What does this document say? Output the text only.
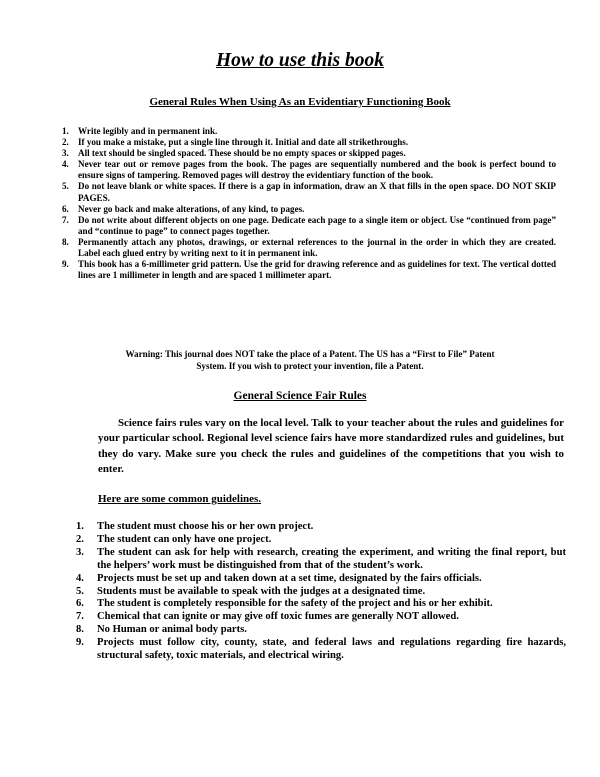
How to use this book
General Rules When Using As an Evidentiary Functioning Book
1. Write legibly and in permanent ink.
2. If you make a mistake, put a single line through it. Initial and date all strikethroughs.
3. All text should be singled spaced. These should be no empty spaces or skipped pages.
4. Never tear out or remove pages from the book. The pages are sequentially numbered and the book is perfect bound to ensure signs of tampering. Removed pages will destroy the evidentiary function of the book.
5. Do not leave blank or white spaces. If there is a gap in information, draw an X that fills in the open space. DO NOT SKIP PAGES.
6. Never go back and make alterations, of any kind, to pages.
7. Do not write about different objects on one page. Dedicate each page to a single item or object. Use “continued from page” and “continue to page” to connect pages together.
8. Permanently attach any photos, drawings, or external references to the journal in the order in which they are created. Label each glued entry by writing next to it in permanent ink.
9. This book has a 6-millimeter grid pattern. Use the grid for drawing reference and as guidelines for text. The vertical dotted lines are 1 millimeter in length and are spaced 1 millimeter apart.

Warning: This journal does NOT take the place of a Patent. The US has a “First to File” Patent
System. If you wish to protect your invention, file a Patent.

General Science Fair Rules

Science fairs rules vary on the local level. Talk to your teacher about the rules and guidelines for your particular school. Regional level science fairs have more standardized rules and guidelines, but they do vary. Make sure you check the rules and guidelines of the competitions that you wish to enter.

Here are some common guidelines.
1. The student must choose his or her own project.
2. The student can only have one project.
3. The student can ask for help with research, creating the experiment, and writing the final report, but the helpers’ work must be distinguished from that of the student’s work.
4. Projects must be set up and taken down at a set time, designated by the fairs officials.
5. Students must be available to speak with the judges at a designated time.
6. The student is completely responsible for the safety of the project and his or her exhibit.
7. Chemical that can ignite or may give off toxic fumes are generally NOT allowed.
8. No Human or animal body parts.
9. Projects must follow city, county, state, and federal laws and regulations regarding fire hazards, structural safety, toxic materials, and electrical wiring.
